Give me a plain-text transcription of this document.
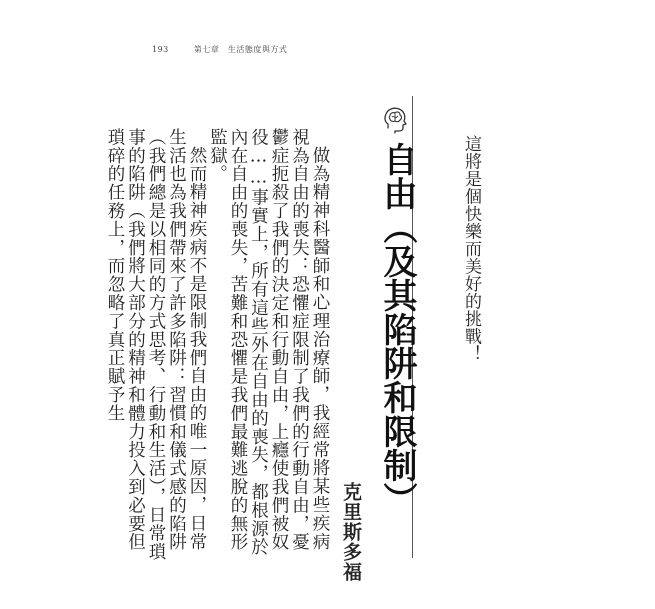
193	第七章　生活態度與方式
這將是個快樂而美好的挑戰！
自由（及其陷阱和限制）
克里斯多福

做為精神科醫師和心理治療師，我經常將某些疾病視為自由的喪失：恐懼症限制了我們的行動自由，憂鬱症扼殺了我們的決定和行動自由，上癮使我們被奴役……事實上，所有這些外在自由的喪失，都根源於內在自由的喪失，苦難和恐懼是我們最難逃脫的無形監獄。

然而精神疾病不是限制我們自由的唯一原因，日常生活也為我們帶來了許多陷阱：習慣和儀式感的陷阱（我們總是以相同的方式思考、行動和生活），日常瑣事的陷阱（我們將大部分的精神和體力投入到必要但瑣碎的任務上，而忽略了真正賦予生
